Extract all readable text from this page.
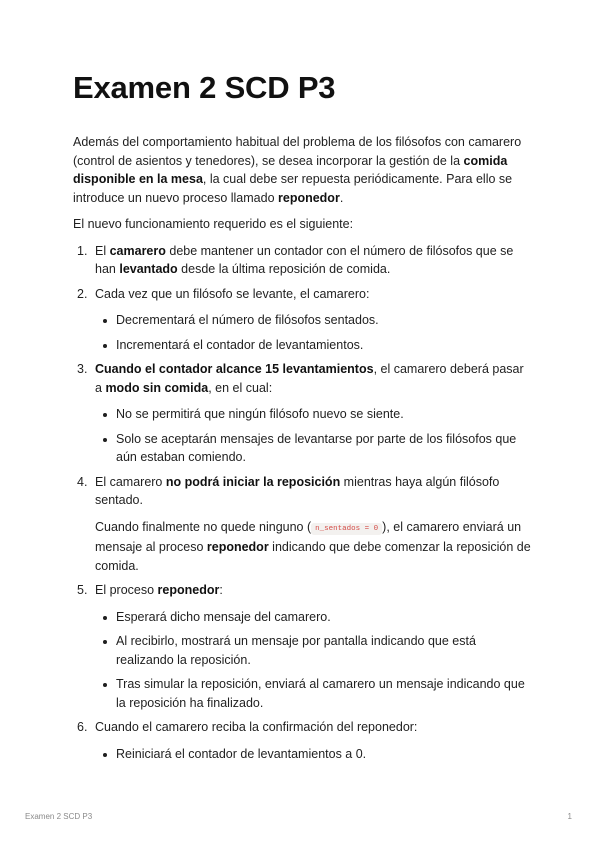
Examen 2 SCD P3

Además del comportamiento habitual del problema de los filósofos con camarero (control de asientos y tenedores), se desea incorporar la gestión de la comida disponible en la mesa, la cual debe ser repuesta periódicamente. Para ello se introduce un nuevo proceso llamado reponedor.

El nuevo funcionamiento requerido es el siguiente:

1. El camarero debe mantener un contador con el número de filósofos que se han levantado desde la última reposición de comida.
2. Cada vez que un filósofo se levante, el camarero:
Decrementará el número de filósofos sentados.
Incrementará el contador de levantamientos.
3. Cuando el contador alcance 15 levantamientos, el camarero deberá pasar a modo sin comida, en el cual:
No se permitirá que ningún filósofo nuevo se siente.
Solo se aceptarán mensajes de levantarse por parte de los filósofos que aún estaban comiendo.
4. El camarero no podrá iniciar la reposición mientras haya algún filósofo sentado.
Cuando finalmente no quede ninguno ( n_sentados = 0 ), el camarero enviará un mensaje al proceso reponedor indicando que debe comenzar la reposición de comida.
5. El proceso reponedor:
Esperará dicho mensaje del camarero.
Al recibirlo, mostrará un mensaje por pantalla indicando que está realizando la reposición.
Tras simular la reposición, enviará al camarero un mensaje indicando que la reposición ha finalizado.
6. Cuando el camarero reciba la confirmación del reponedor:
Reiniciará el contador de levantamientos a 0.
Examen 2 SCD P3	1
